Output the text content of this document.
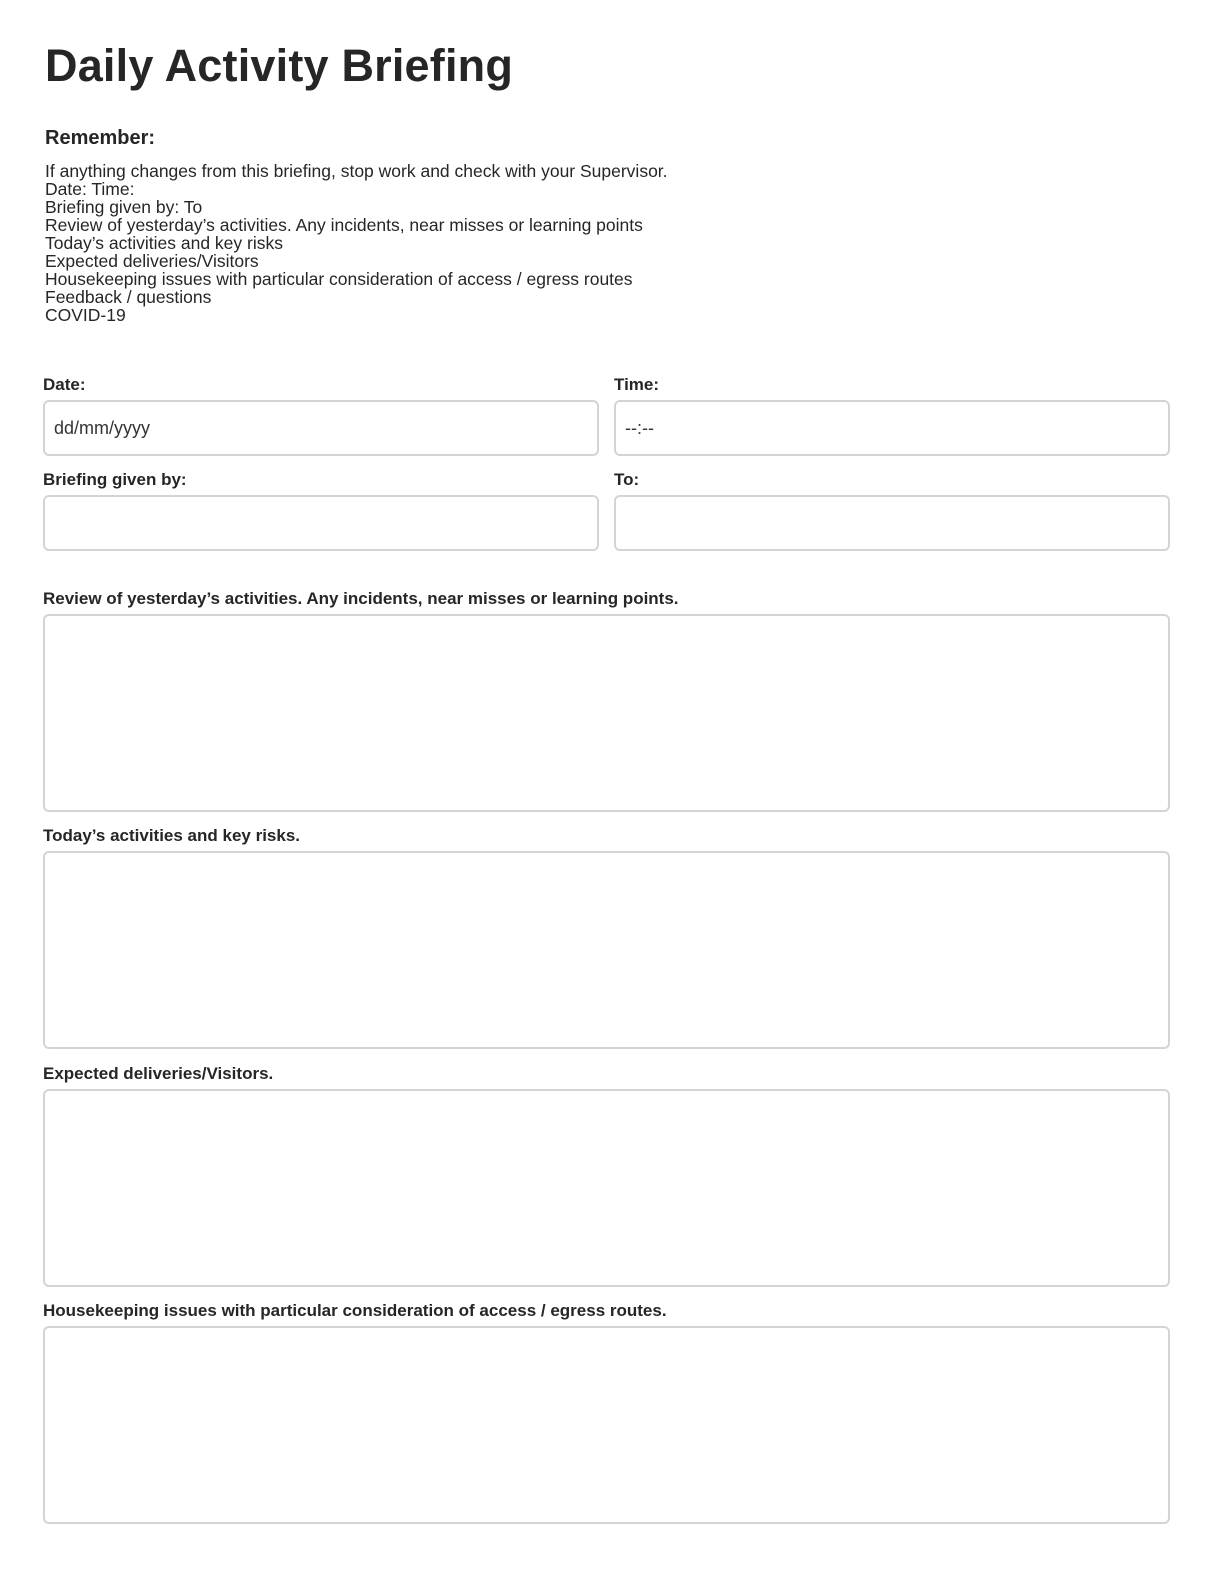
Daily Activity Briefing
Remember:
If anything changes from this briefing, stop work and check with your Supervisor.
Date: Time:
Briefing given by: To
Review of yesterday’s activities. Any incidents, near misses or learning points
Today’s activities and key risks
Expected deliveries/Visitors
Housekeeping issues with particular consideration of access / egress routes
Feedback / questions
COVID-19
Date:
dd/mm/yyyy	Time:
--:--
Briefing given by:	To:
Review of yesterday’s activities. Any incidents, near misses or learning points.
Today’s activities and key risks.
Expected deliveries/Visitors.
Housekeeping issues with particular consideration of access / egress routes.
